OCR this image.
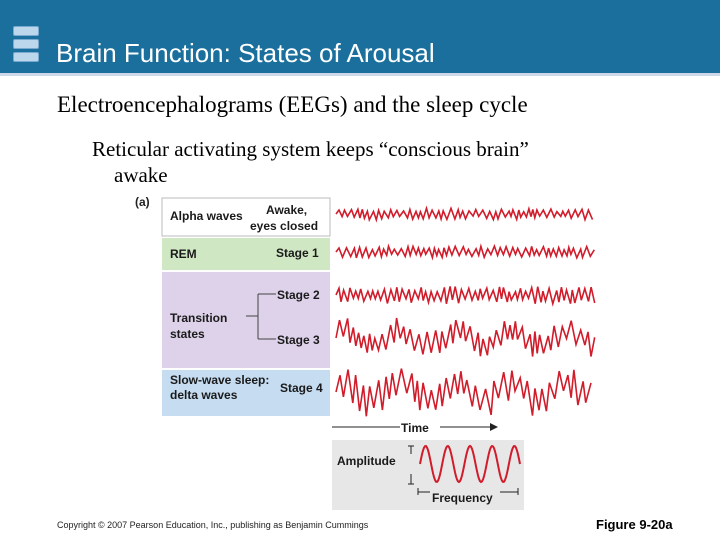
Brain Function: States of Arousal
Electroencephalograms (EEGs) and the sleep cycle
Reticular activating system keeps “conscious brain”
awake
(a)
Alpha waves Awake,
eyes closed
REM	Stage 1
Stage 2
Transition
states	Stage 3
Slow-wave sleep:
delta waves	Stage 4
Time
Amplitude
Frequency
Copyright © 2007 Pearson Education, Inc., publishing as Benjamin Cummings	Figure 9-20a
